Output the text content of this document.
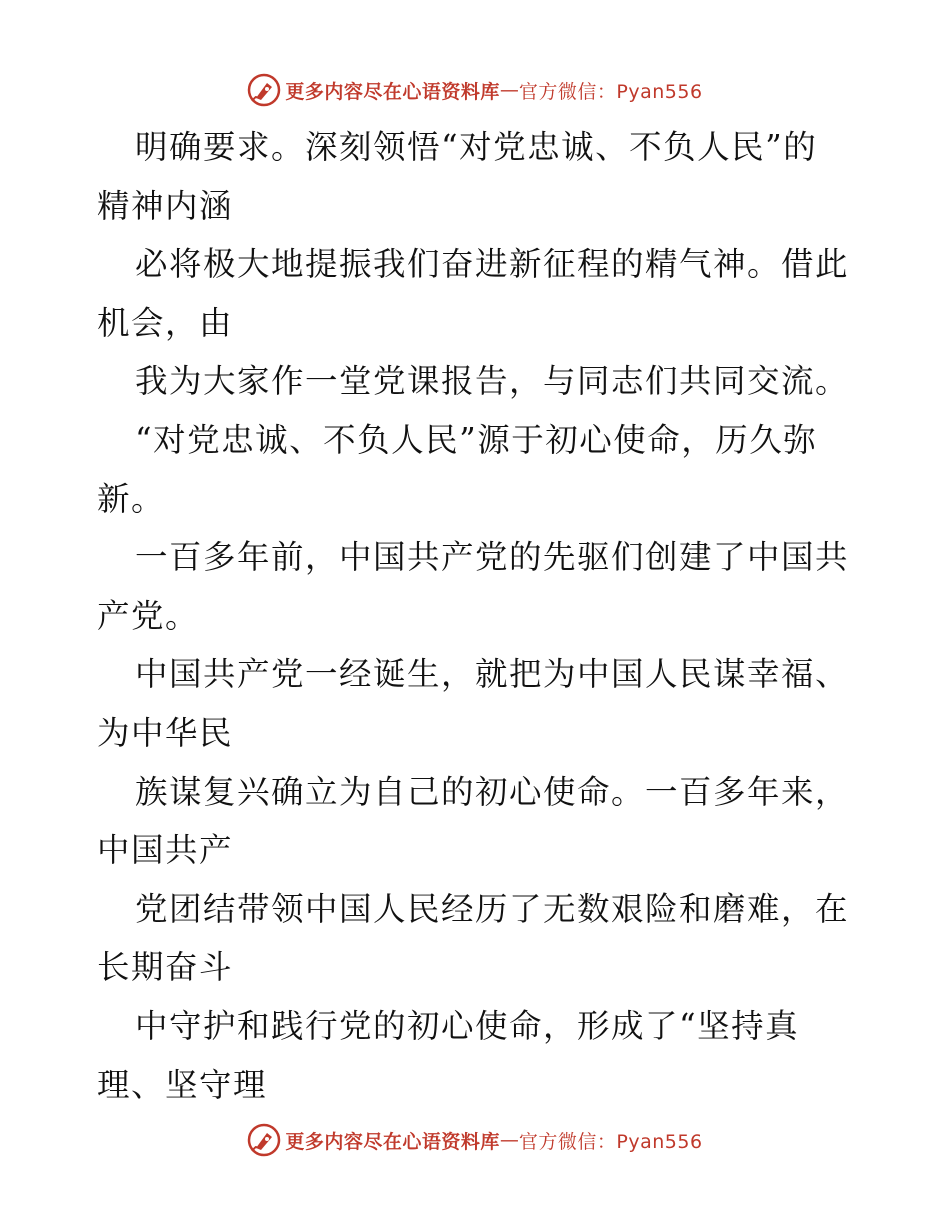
更多内容尽在心语资料库 — 官方微信：Pyan556
明确要求。深刻领悟“对党忠诚、不负人民”的
精神内涵
必将极大地提振我们奋进新征程的精气神。借此
机会，由
我为大家作一堂党课报告，与同志们共同交流。
“对党忠诚、不负人民”源于初心使命，历久弥
新。
一百多年前，中国共产党的先驱们创建了中国共
产党。
中国共产党一经诞生，就把为中国人民谋幸福、
为中华民
族谋复兴确立为自己的初心使命。一百多年来，
中国共产
党团结带领中国人民经历了无数艰险和磨难，在
长期奋斗
中守护和践行党的初心使命，形成了“坚持真
理、坚守理
更多内容尽在心语资料库 — 官方微信：Pyan556
